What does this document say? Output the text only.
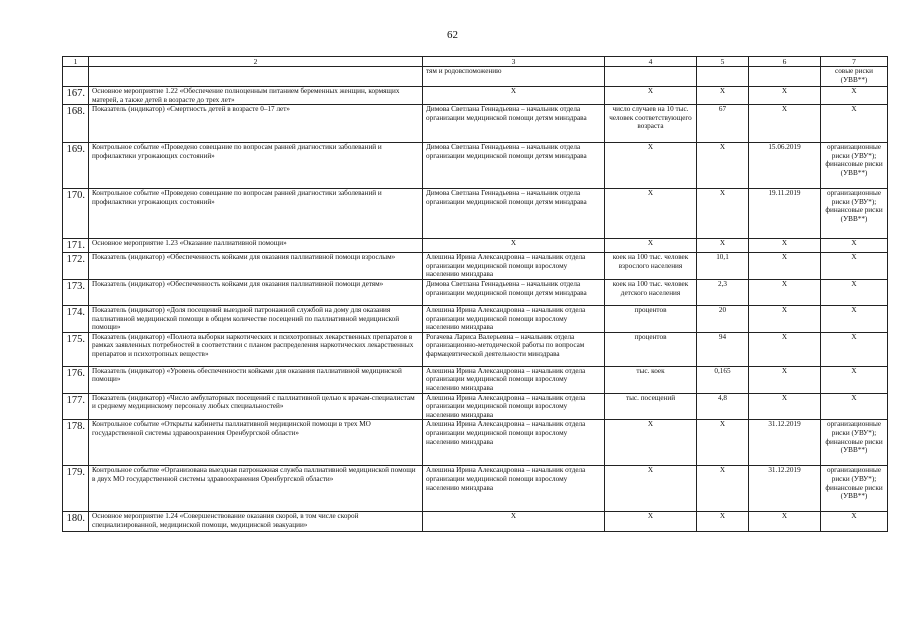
62
1	2	3	4	5	6	7
		тям и родовспоможению				совые риски (УВВ**)
167.	Основное мероприятие 1.22 «Обеспечение полноценным питанием беременных женщин, кормящих матерей, а также детей в возрасте до трех лет»	X	X	X	X	X
168.	Показатель (индикатор) «Смертность детей в возрасте 0–17 лет»	Димова Светлана Геннадьевна – начальник отдела организации медицинской помощи детям минздрава	число случаев на 10 тыс. человек соответствующего возраста	67	X	X
169.	Контрольное событие «Проведено совещание по вопросам ранней диагностики заболеваний и профилактики угрожающих состояний»	Димова Светлана Геннадьевна – начальник отдела организации медицинской помощи детям минздрава	X	X	15.06.2019	организационные риски (УВУ*); финансовые риски (УВВ**)
170.	Контрольное событие «Проведено совещание по вопросам ранней диагностики заболеваний и профилактики угрожающих состояний»	Димова Светлана Геннадьевна – начальник отдела организации медицинской помощи детям минздрава	X	X	19.11.2019	организационные риски (УВУ*); финансовые риски (УВВ**)
171.	Основное мероприятие 1.23 «Оказание паллиативной помощи»	X	X	X	X	X
172.	Показатель (индикатор) «Обеспеченность койками для оказания паллиативной помощи взрослым»	Алешина Ирина Александровна – начальник отдела организации медицинской помощи взрослому населению минздрава	коек на 100 тыс. человек взрослого населения	10,1	X	X
173.	Показатель (индикатор) «Обеспеченность койками для оказания паллиативной помощи детям»	Димова Светлана Геннадьевна – начальник отдела организации медицинской помощи детям минздрава	коек на 100 тыс. человек детского населения	2,3	X	X
174.	Показатель (индикатор) «Доля посещений выездной патронажной службой на дому для оказания паллиативной медицинской помощи в общем количестве посещений по паллиативной медицинской помощи»	Алешина Ирина Александровна – начальник отдела организации медицинской помощи взрослому населению минздрава	процентов	20	X	X
175.	Показатель (индикатор) «Полнота выборки наркотических и психотропных лекарственных препаратов в рамках заявленных потребностей в соответствии с планом распределения наркотических лекарственных препаратов и психотропных веществ»	Рогачева Лариса Валерьевна – начальник отдела организационно-методической работы по вопросам фармацевтической деятельности минздрава	процентов	94	X	X
176.	Показатель (индикатор) «Уровень обеспеченности койками для оказания паллиативной медицинской помощи»	Алешина Ирина Александровна – начальник отдела организации медицинской помощи взрослому населению минздрава	тыс. коек	0,165	X	X
177.	Показатель (индикатор) «Число амбулаторных посещений с паллиативной целью к врачам-специалистам и среднему медицинскому персоналу любых специальностей»	Алешина Ирина Александровна – начальник отдела организации медицинской помощи взрослому населению минздрава	тыс. посещений	4,8	X	X
178.	Контрольное событие «Открыты кабинеты паллиативной медицинской помощи в трех МО государственной системы здравоохранения Оренбургской области»	Алешина Ирина Александровна – начальник отдела организации медицинской помощи взрослому населению минздрава	X	X	31.12.2019	организационные риски (УВУ*); финансовые риски (УВВ**)
179.	Контрольное событие «Организована выездная патронажная служба паллиативной медицинской помощи в двух МО государственной системы здравоохранения Оренбургской области»	Алешина Ирина Александровна – начальник отдела организации медицинской помощи взрослому населению минздрава	X	X	31.12.2019	организационные риски (УВУ*); финансовые риски (УВВ**)
180.	Основное мероприятие 1.24 «Совершенствование оказания скорой, в том числе скорой специализированной, медицинской помощи, медицинской эвакуации»	X	X	X	X	X
